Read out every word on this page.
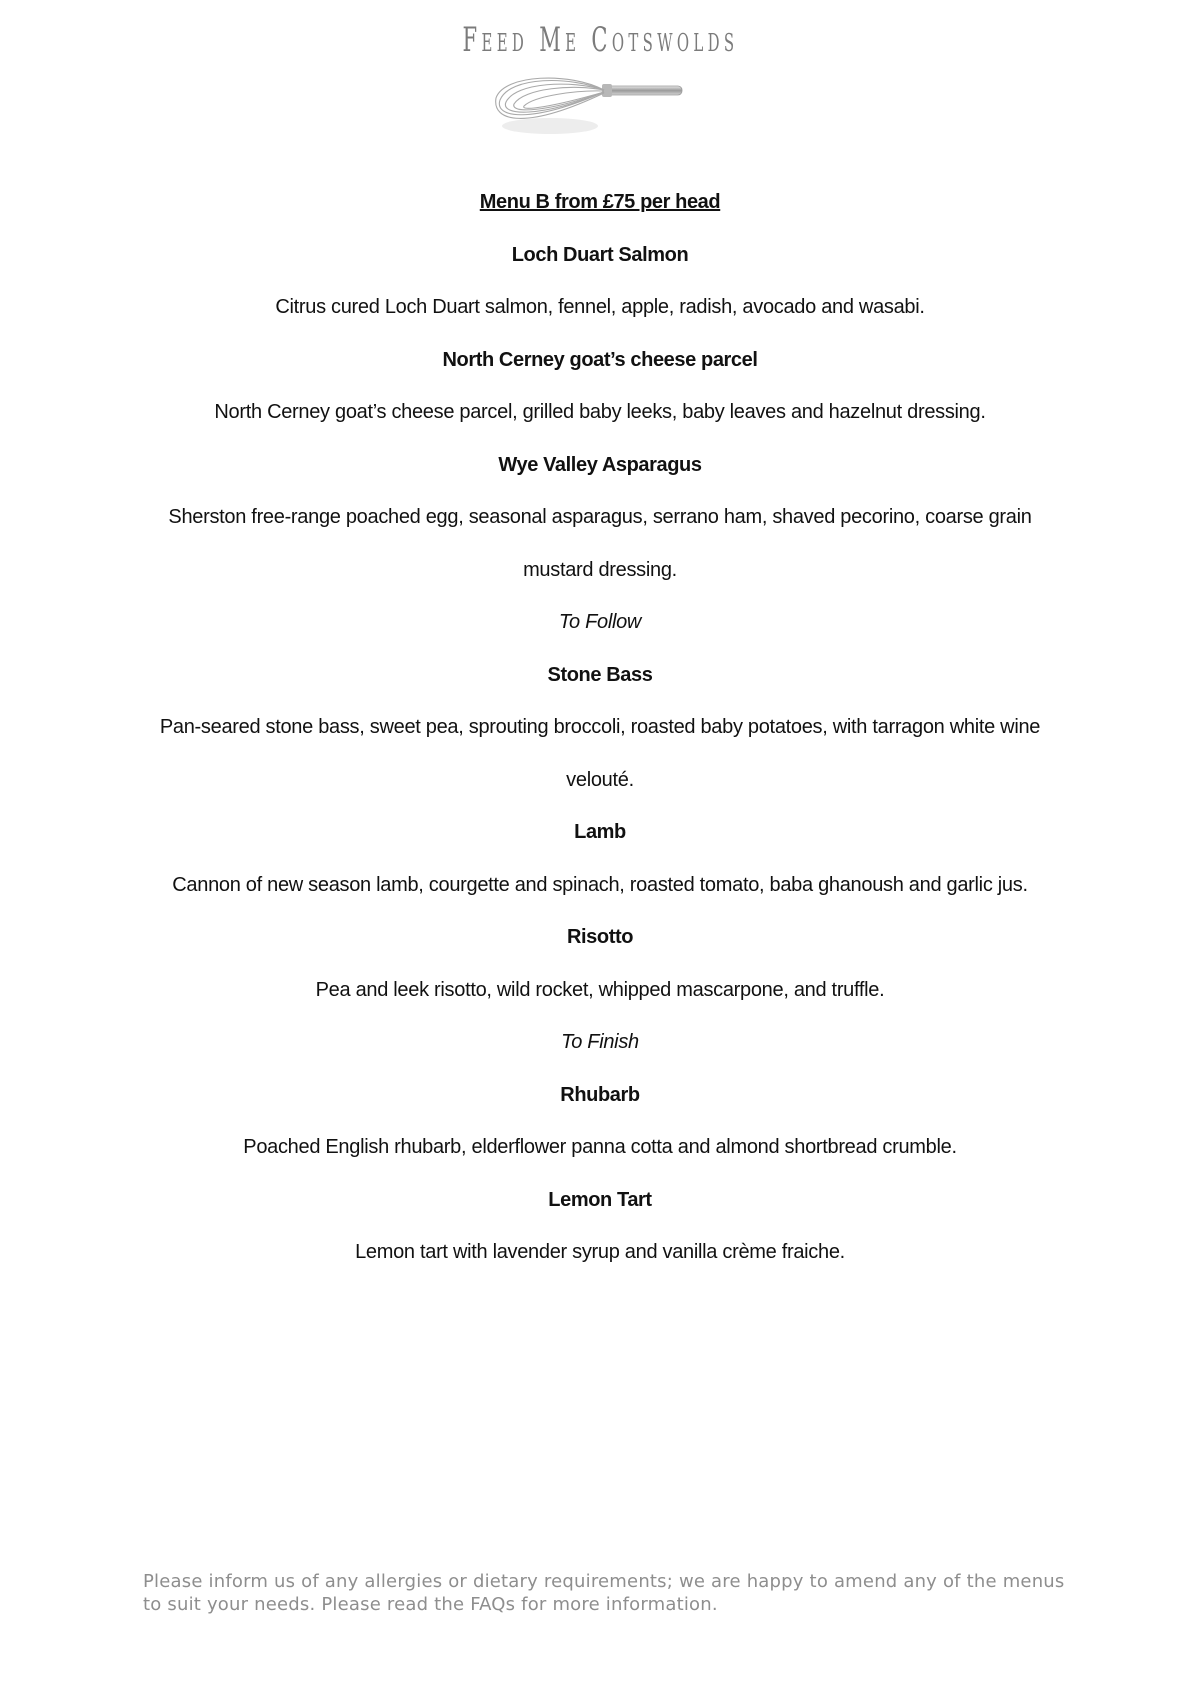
Feed Me Cotswolds
Menu B from £75 per head
Loch Duart Salmon
Citrus cured Loch Duart salmon, fennel, apple, radish, avocado and wasabi.
North Cerney goat’s cheese parcel
North Cerney goat’s cheese parcel, grilled baby leeks, baby leaves and hazelnut dressing.
Wye Valley Asparagus
Sherston free-range poached egg, seasonal asparagus, serrano ham, shaved pecorino, coarse grain
mustard dressing.
To Follow
Stone Bass
Pan-seared stone bass, sweet pea, sprouting broccoli, roasted baby potatoes, with tarragon white wine
velouté.
Lamb
Cannon of new season lamb, courgette and spinach, roasted tomato, baba ghanoush and garlic jus.
Risotto
Pea and leek risotto, wild rocket, whipped mascarpone, and truffle.
To Finish
Rhubarb
Poached English rhubarb, elderflower panna cotta and almond shortbread crumble.
Lemon Tart
Lemon tart with lavender syrup and vanilla crème fraiche.
Please inform us of any allergies or dietary requirements; we are happy to amend any of the menus
to suit your needs. Please read the FAQs for more information.
